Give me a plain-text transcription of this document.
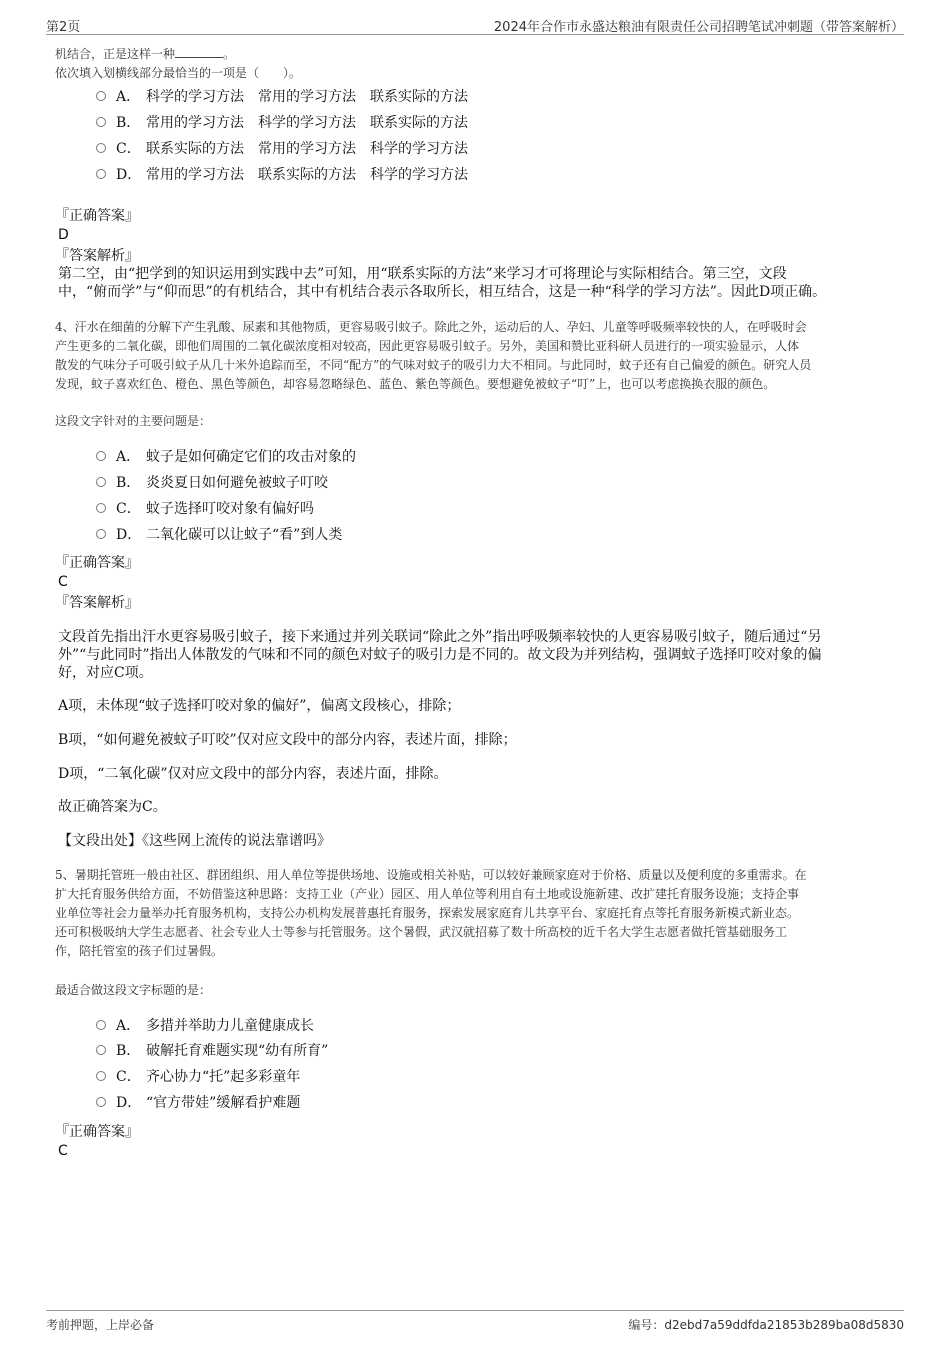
第2页	2024年合作市永盛达粮油有限责任公司招聘笔试冲刺题（带答案解析）
机结合，正是这样一种	。
依次填入划横线部分最恰当的一项是（　　）。
A． 科学的学习方法　常用的学习方法　联系实际的方法
B． 常用的学习方法　科学的学习方法　联系实际的方法
C． 联系实际的方法　常用的学习方法　科学的学习方法
D． 常用的学习方法　联系实际的方法　科学的学习方法
『正确答案』
D
『答案解析』
第二空，由“把学到的知识运用到实践中去”可知，用“联系实际的方法”来学习才可将理论与实际相结合。第三空，文段
中，“俯而学”与“仰而思”的有机结合，其中有机结合表示各取所长，相互结合，这是一种“科学的学习方法”。因此D项正确。
4、汗水在细菌的分解下产生乳酸、尿素和其他物质，更容易吸引蚊子。除此之外，运动后的人、孕妇、儿童等呼吸频率较快的人，在呼吸时会
产生更多的二氧化碳，即他们周围的二氧化碳浓度相对较高，因此更容易吸引蚊子。另外，美国和赞比亚科研人员进行的一项实验显示，人体
散发的气味分子可吸引蚊子从几十米外追踪而至，不同“配方”的气味对蚊子的吸引力大不相同。与此同时，蚊子还有自己偏爱的颜色。研究人员
发现，蚊子喜欢红色、橙色、黑色等颜色，却容易忽略绿色、蓝色、紫色等颜色。要想避免被蚊子“叮”上，也可以考虑换换衣服的颜色。
这段文字针对的主要问题是：
A． 蚊子是如何确定它们的攻击对象的
B． 炎炎夏日如何避免被蚊子叮咬
C． 蚊子选择叮咬对象有偏好吗
D． 二氧化碳可以让蚊子“看”到人类
『正确答案』
C
『答案解析』
文段首先指出汗水更容易吸引蚊子，接下来通过并列关联词“除此之外”指出呼吸频率较快的人更容易吸引蚊子，随后通过“另
外”“与此同时”指出人体散发的气味和不同的颜色对蚊子的吸引力是不同的。故文段为并列结构，强调蚊子选择叮咬对象的偏
好，对应C项。
A项，未体现“蚊子选择叮咬对象的偏好”，偏离文段核心，排除；
B项，“如何避免被蚊子叮咬”仅对应文段中的部分内容，表述片面，排除；
D项，“二氧化碳”仅对应文段中的部分内容，表述片面，排除。
故正确答案为C。
【文段出处】《这些网上流传的说法靠谱吗》
5、暑期托管班一般由社区、群团组织、用人单位等提供场地、设施或相关补贴，可以较好兼顾家庭对于价格、质量以及便利度的多重需求。在
扩大托育服务供给方面，不妨借鉴这种思路：支持工业（产业）园区、用人单位等利用自有土地或设施新建、改扩建托育服务设施；支持企事
业单位等社会力量举办托育服务机构，支持公办机构发展普惠托育服务，探索发展家庭育儿共享平台、家庭托育点等托育服务新模式新业态。
还可积极吸纳大学生志愿者、社会专业人士等参与托管服务。这个暑假，武汉就招募了数十所高校的近千名大学生志愿者做托管基础服务工
作，陪托管室的孩子们过暑假。
最适合做这段文字标题的是：
A． 多措并举助力儿童健康成长
B． 破解托育难题实现“幼有所育”
C． 齐心协力“托”起多彩童年
D． “官方带娃”缓解看护难题
『正确答案』
C
考前押题，上岸必备	编号：d2ebd7a59ddfda21853b289ba08d5830
